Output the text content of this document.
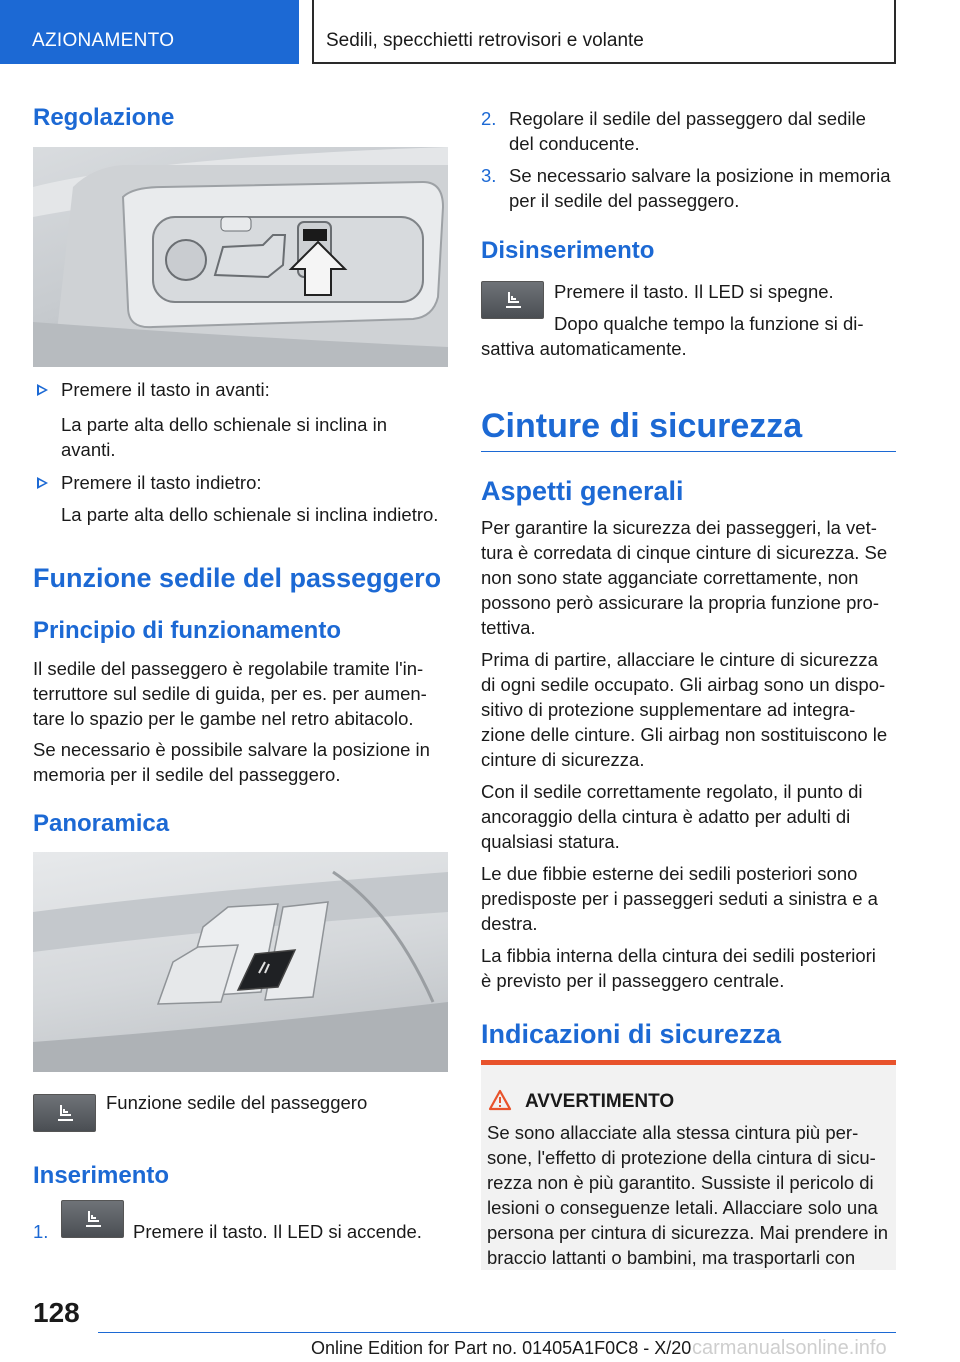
AZIONAMENTO	Sedili, specchietti retrovisori e volante
Regolazione
Premere il tasto in avanti:
La parte alta dello schienale si inclina in avanti.
Premere il tasto indietro:
La parte alta dello schienale si inclina indietro.
Funzione sedile del passeggero
Principio di funzionamento
Il sedile del passeggero è regolabile tramite l'in-terruttore sul sedile di guida, per es. per aumen-tare lo spazio per le gambe nel retro abitacolo.
Se necessario è possibile salvare la posizione in memoria per il sedile del passeggero.
Panoramica
Funzione sedile del passeggero
Inserimento
1.	Premere il tasto. Il LED si accende.
2. Regolare il sedile del passeggero dal sedile del conducente.
3. Se necessario salvare la posizione in memoria per il sedile del passeggero.
Disinserimento
Premere il tasto. Il LED si spegne.
Dopo qualche tempo la funzione si di-
sattiva automaticamente.
Cinture di sicurezza
Aspetti generali
Per garantire la sicurezza dei passeggeri, la vet-tura è corredata di cinque cinture di sicurezza. Se non sono state agganciate correttamente, non possono però assicurare la propria funzione pro-tettiva.
Prima di partire, allacciare le cinture di sicurezza di ogni sedile occupato. Gli airbag sono un dispo-sitivo di protezione supplementare ad integra-zione delle cinture. Gli airbag non sostituiscono le cinture di sicurezza.
Con il sedile correttamente regolato, il punto di ancoraggio della cintura è adatto per adulti di qualsiasi statura.
Le due fibbie esterne dei sedili posteriori sono predisposte per i passeggeri seduti a sinistra e a destra.
La fibbia interna della cintura dei sedili posteriori è previsto per il passeggero centrale.
Indicazioni di sicurezza
AVVERTIMENTO
Se sono allacciate alla stessa cintura più per-sone, l'effetto di protezione della cintura di sicu-rezza non è più garantito. Sussiste il pericolo di lesioni o conseguenze letali. Allacciare solo una persona per cintura di sicurezza. Mai prendere in braccio lattanti o bambini, ma trasportarli con
128
Online Edition for Part no. 01405A1F0C8 - X/20 carmanualsonline.info
